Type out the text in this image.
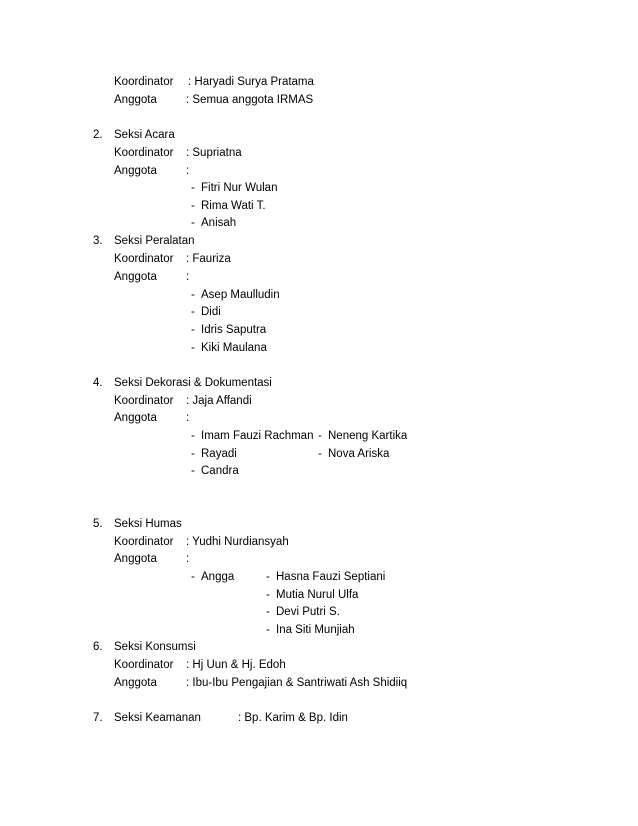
Koordinator : Haryadi Surya Pratama
Anggota	: Semua anggota IRMAS
2. Seksi Acara
Koordinator : Supriatna
Anggota	:
- Fitri Nur Wulan
- Rima Wati T.
- Anisah
3. Seksi Peralatan
Koordinator : Fauriza
Anggota	:
- Asep Maulludin
- Didi
- Idris Saputra
- Kiki Maulana
4. Seksi Dekorasi & Dokumentasi
Koordinator : Jaja Affandi
Anggota	:
- Imam Fauzi Rachman - Neneng Kartika
- Rayadi	- Nova Ariska
- Candra
5. Seksi Humas
Koordinator : Yudhi Nurdiansyah
Anggota	:
- Angga	- Hasna Fauzi Septiani
- Mutia Nurul Ulfa
- Devi Putri S.
- Ina Siti Munjiah
6. Seksi Konsumsi
Koordinator : Hj Uun & Hj. Edoh
Anggota	: Ibu-Ibu Pengajian & Santriwati Ash Shidiiq
7. Seksi Keamanan	: Bp. Karim & Bp. Idin
